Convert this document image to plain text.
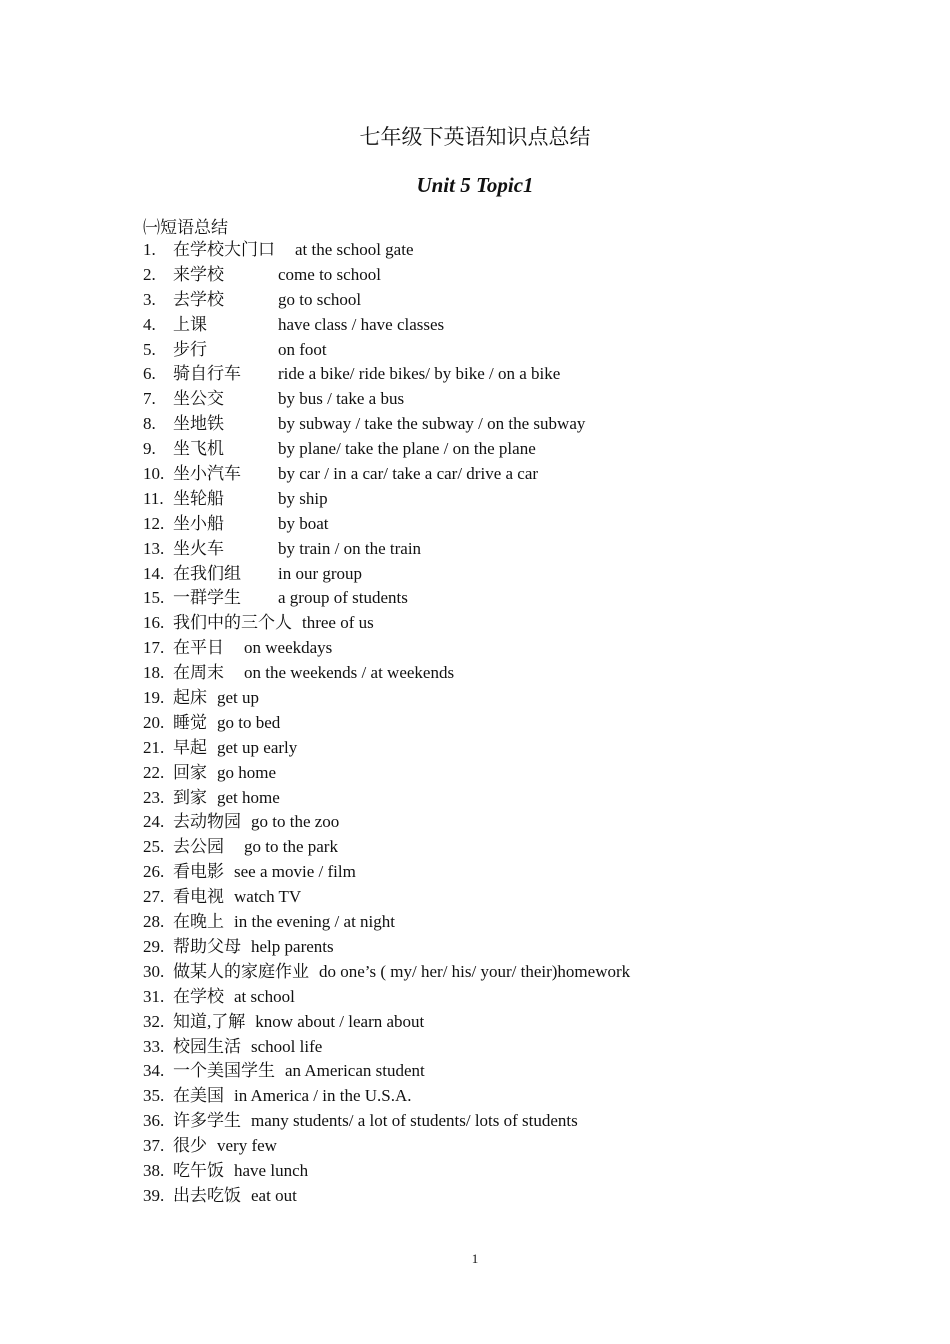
七年级下英语知识点总结
Unit 5 Topic1
㈠短语总结
1. 在学校大门口 at the school gate
2. 来学校	come to school
3. 去学校	go to school
4. 上课	have class / have classes
5. 步行	on foot
6. 骑自行车 ride a bike/ ride bikes/ by bike / on a bike
7. 坐公交	by bus / take a bus
8. 坐地铁	by subway / take the subway / on the subway
9. 坐飞机	by plane/ take the plane / on the plane
10. 坐小汽车 by car / in a car/ take a car/ drive a car
11. 坐轮船	by ship
12. 坐小船	by boat
13. 坐火车	by train / on the train
14. 在我们组 in our group
15. 一群学生 a group of students
16. 我们中的三个人 three of us
17. 在平日 on weekdays
18. 在周末 on the weekends / at weekends
19. 起床 get up
20. 睡觉 go to bed
21. 早起 get up early
22. 回家 go home
23. 到家 get home
24. 去动物园 go to the zoo
25. 去公园 go to the park
26. 看电影 see a movie / film
27. 看电视 watch TV
28. 在晚上 in the evening / at night
29. 帮助父母 help parents
30. 做某人的家庭作业 do one’s ( my/ her/ his/ your/ their)homework
31. 在学校 at school
32. 知道,了解 know about / learn about
33. 校园生活 school life
34. 一个美国学生 an American student
35. 在美国 in America / in the U.S.A.
36. 许多学生 many students/ a lot of students/ lots of students
37. 很少 very few
38. 吃午饭 have lunch
39. 出去吃饭 eat out
1
